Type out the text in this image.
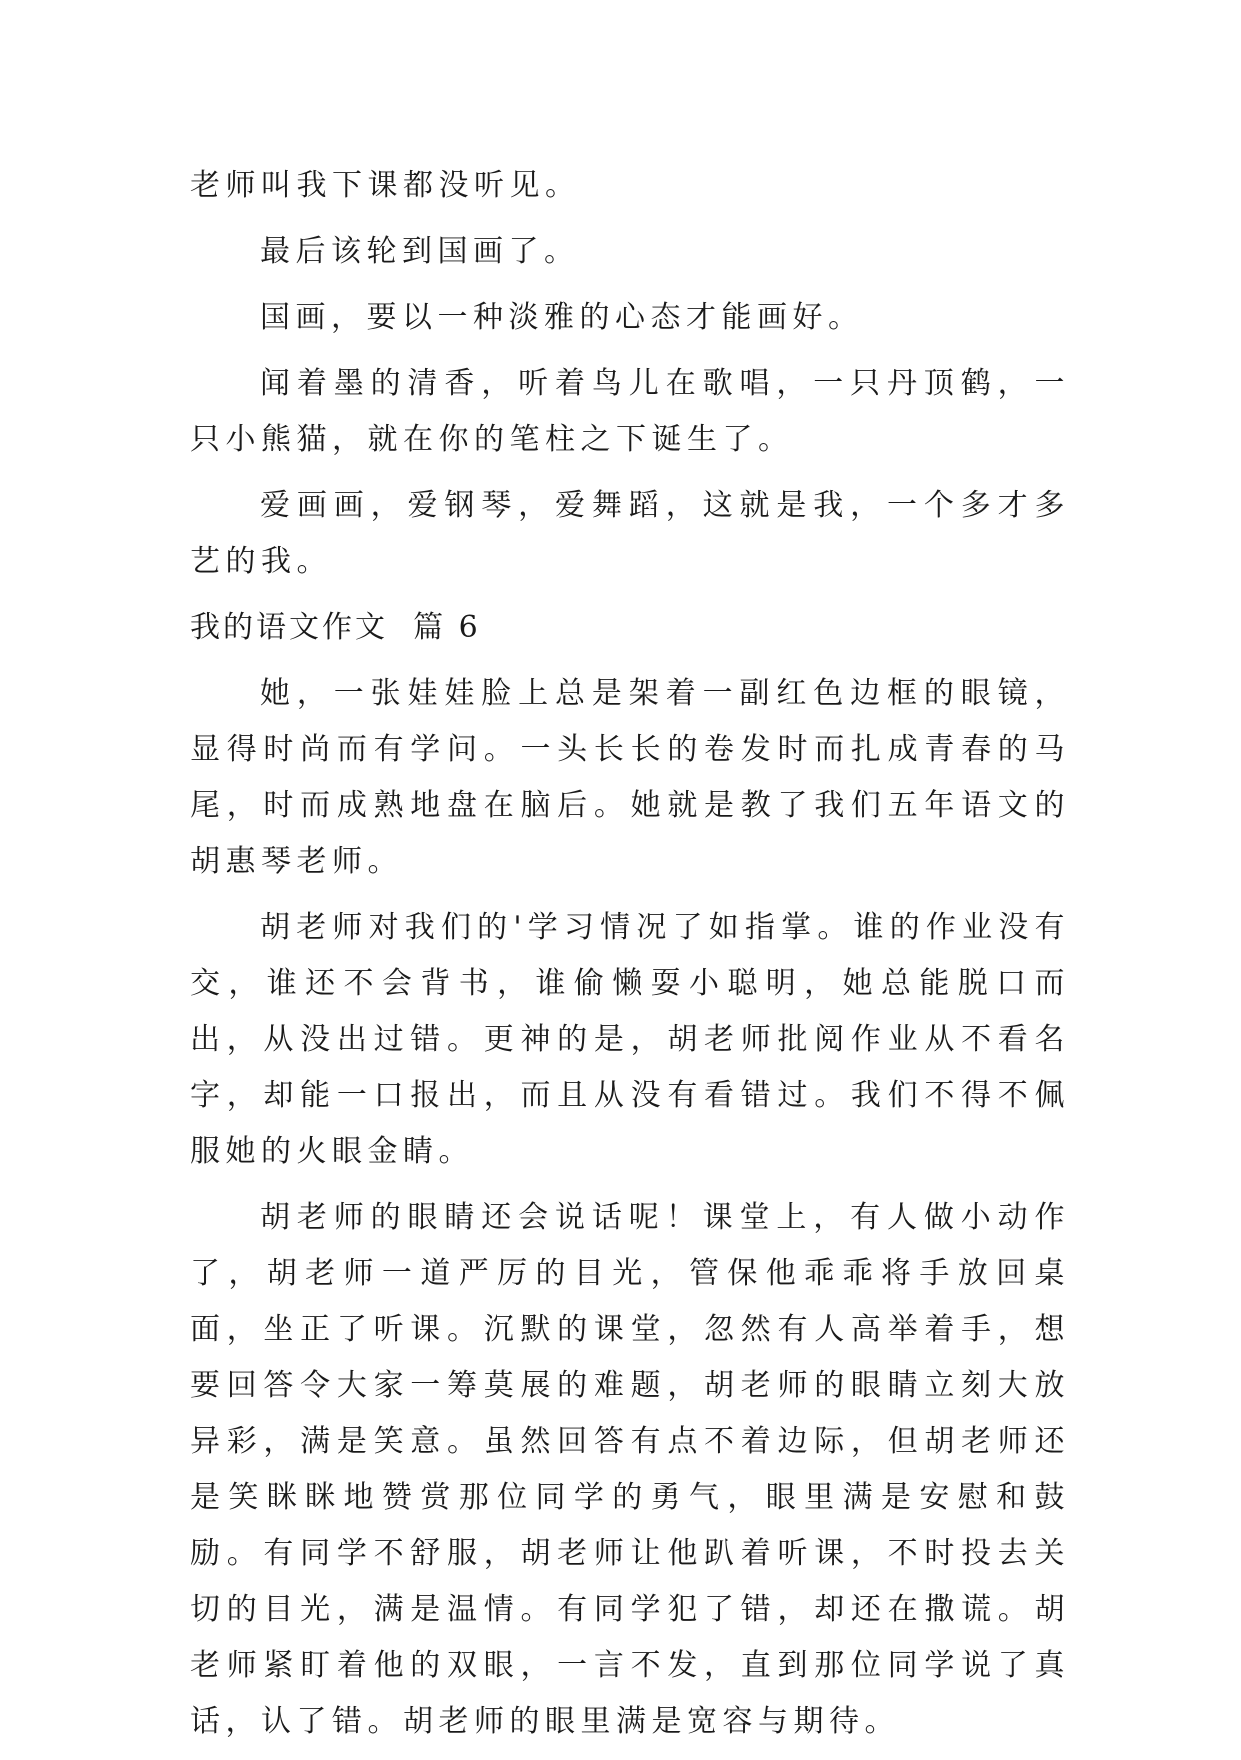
老师叫我下课都没听见。

最后该轮到国画了。

国画，要以一种淡雅的心态才能画好。

闻着墨的清香，听着鸟儿在歌唱，一只丹顶鹤，一只小熊猫，就在你的笔柱之下诞生了。

爱画画，爱钢琴，爱舞蹈，这就是我，一个多才多艺的我。

我的语文作文  篇 6

她，一张娃娃脸上总是架着一副红色边框的眼镜，显得时尚而有学问。一头长长的卷发时而扎成青春的马尾，时而成熟地盘在脑后。她就是教了我们五年语文的胡惠琴老师。

胡老师对我们的'学习情况了如指掌。谁的作业没有交，谁还不会背书，谁偷懒耍小聪明，她总能脱口而出，从没出过错。更神的是，胡老师批阅作业从不看名字，却能一口报出，而且从没有看错过。我们不得不佩服她的火眼金睛。

胡老师的眼睛还会说话呢！课堂上，有人做小动作了，胡老师一道严厉的目光，管保他乖乖将手放回桌面，坐正了听课。沉默的课堂，忽然有人高举着手，想要回答令大家一筹莫展的难题，胡老师的眼睛立刻大放异彩，满是笑意。虽然回答有点不着边际，但胡老师还是笑眯眯地赞赏那位同学的勇气，眼里满是安慰和鼓励。有同学不舒服，胡老师让他趴着听课，不时投去关切的目光，满是温情。有同学犯了错，却还在撒谎。胡老师紧盯着他的双眼，一言不发，直到那位同学说了真话，认了错。胡老师的眼里满是宽容与期待。
